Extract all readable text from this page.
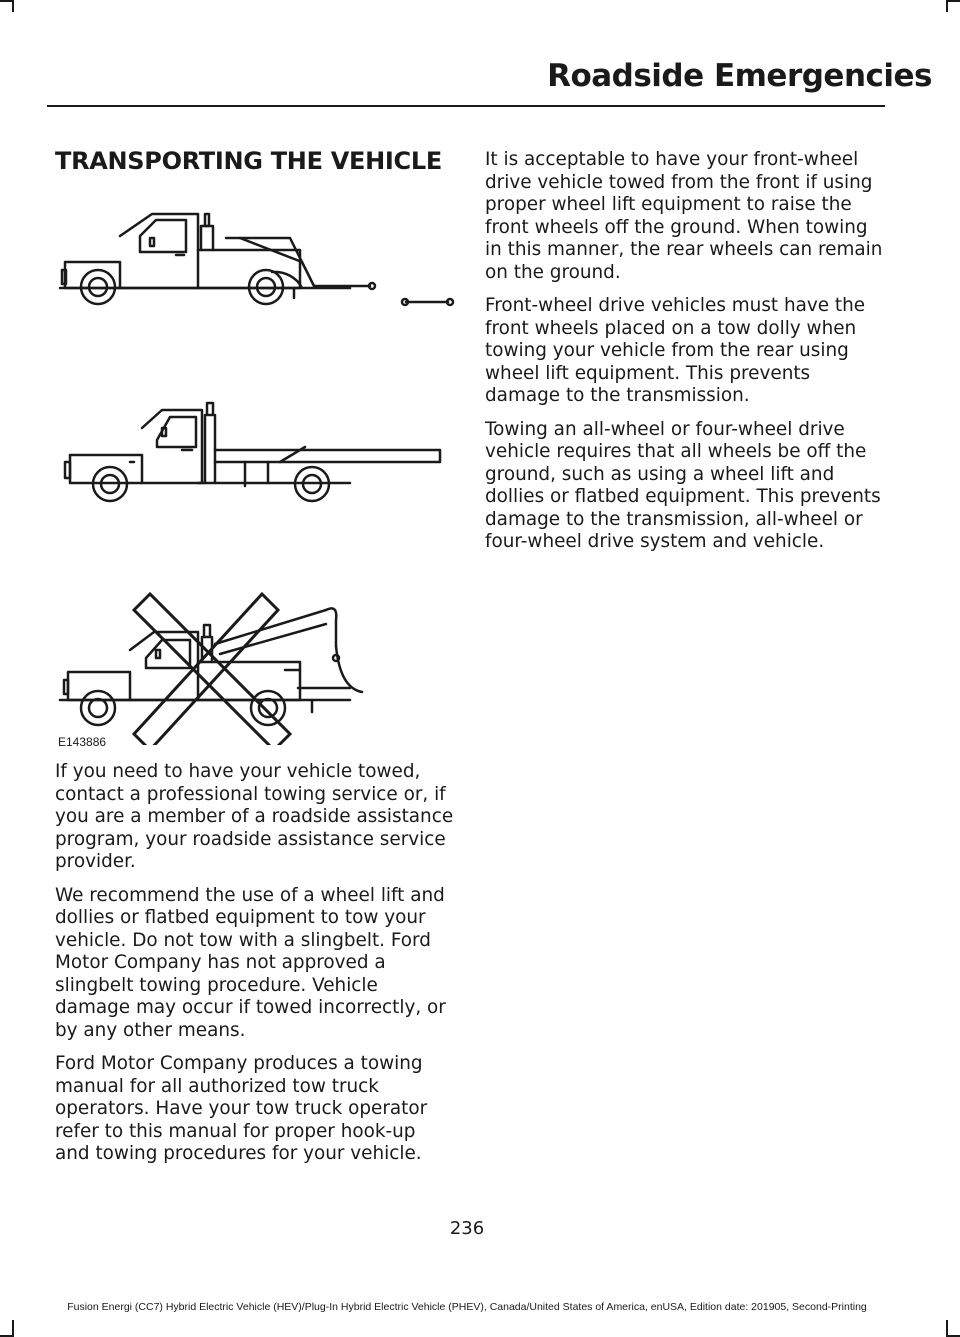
Roadside Emergencies
TRANSPORTING THE VEHICLE
E143886

If you need to have your vehicle towed, contact a professional towing service or, if you are a member of a roadside assistance program, your roadside assistance service provider.

We recommend the use of a wheel lift and dollies or flatbed equipment to tow your vehicle. Do not tow with a slingbelt. Ford Motor Company has not approved a slingbelt towing procedure. Vehicle damage may occur if towed incorrectly, or by any other means.

Ford Motor Company produces a towing manual for all authorized tow truck operators. Have your tow truck operator refer to this manual for proper hook-up and towing procedures for your vehicle.

It is acceptable to have your front-wheel drive vehicle towed from the front if using proper wheel lift equipment to raise the front wheels off the ground. When towing in this manner, the rear wheels can remain on the ground.

Front-wheel drive vehicles must have the front wheels placed on a tow dolly when towing your vehicle from the rear using wheel lift equipment. This prevents damage to the transmission.

Towing an all-wheel or four-wheel drive vehicle requires that all wheels be off the ground, such as using a wheel lift and dollies or flatbed equipment. This prevents damage to the transmission, all-wheel or four-wheel drive system and vehicle.

236
Fusion Energi (CC7) Hybrid Electric Vehicle (HEV)/Plug-In Hybrid Electric Vehicle (PHEV), Canada/United States of America, enUSA, Edition date: 201905, Second-Printing
